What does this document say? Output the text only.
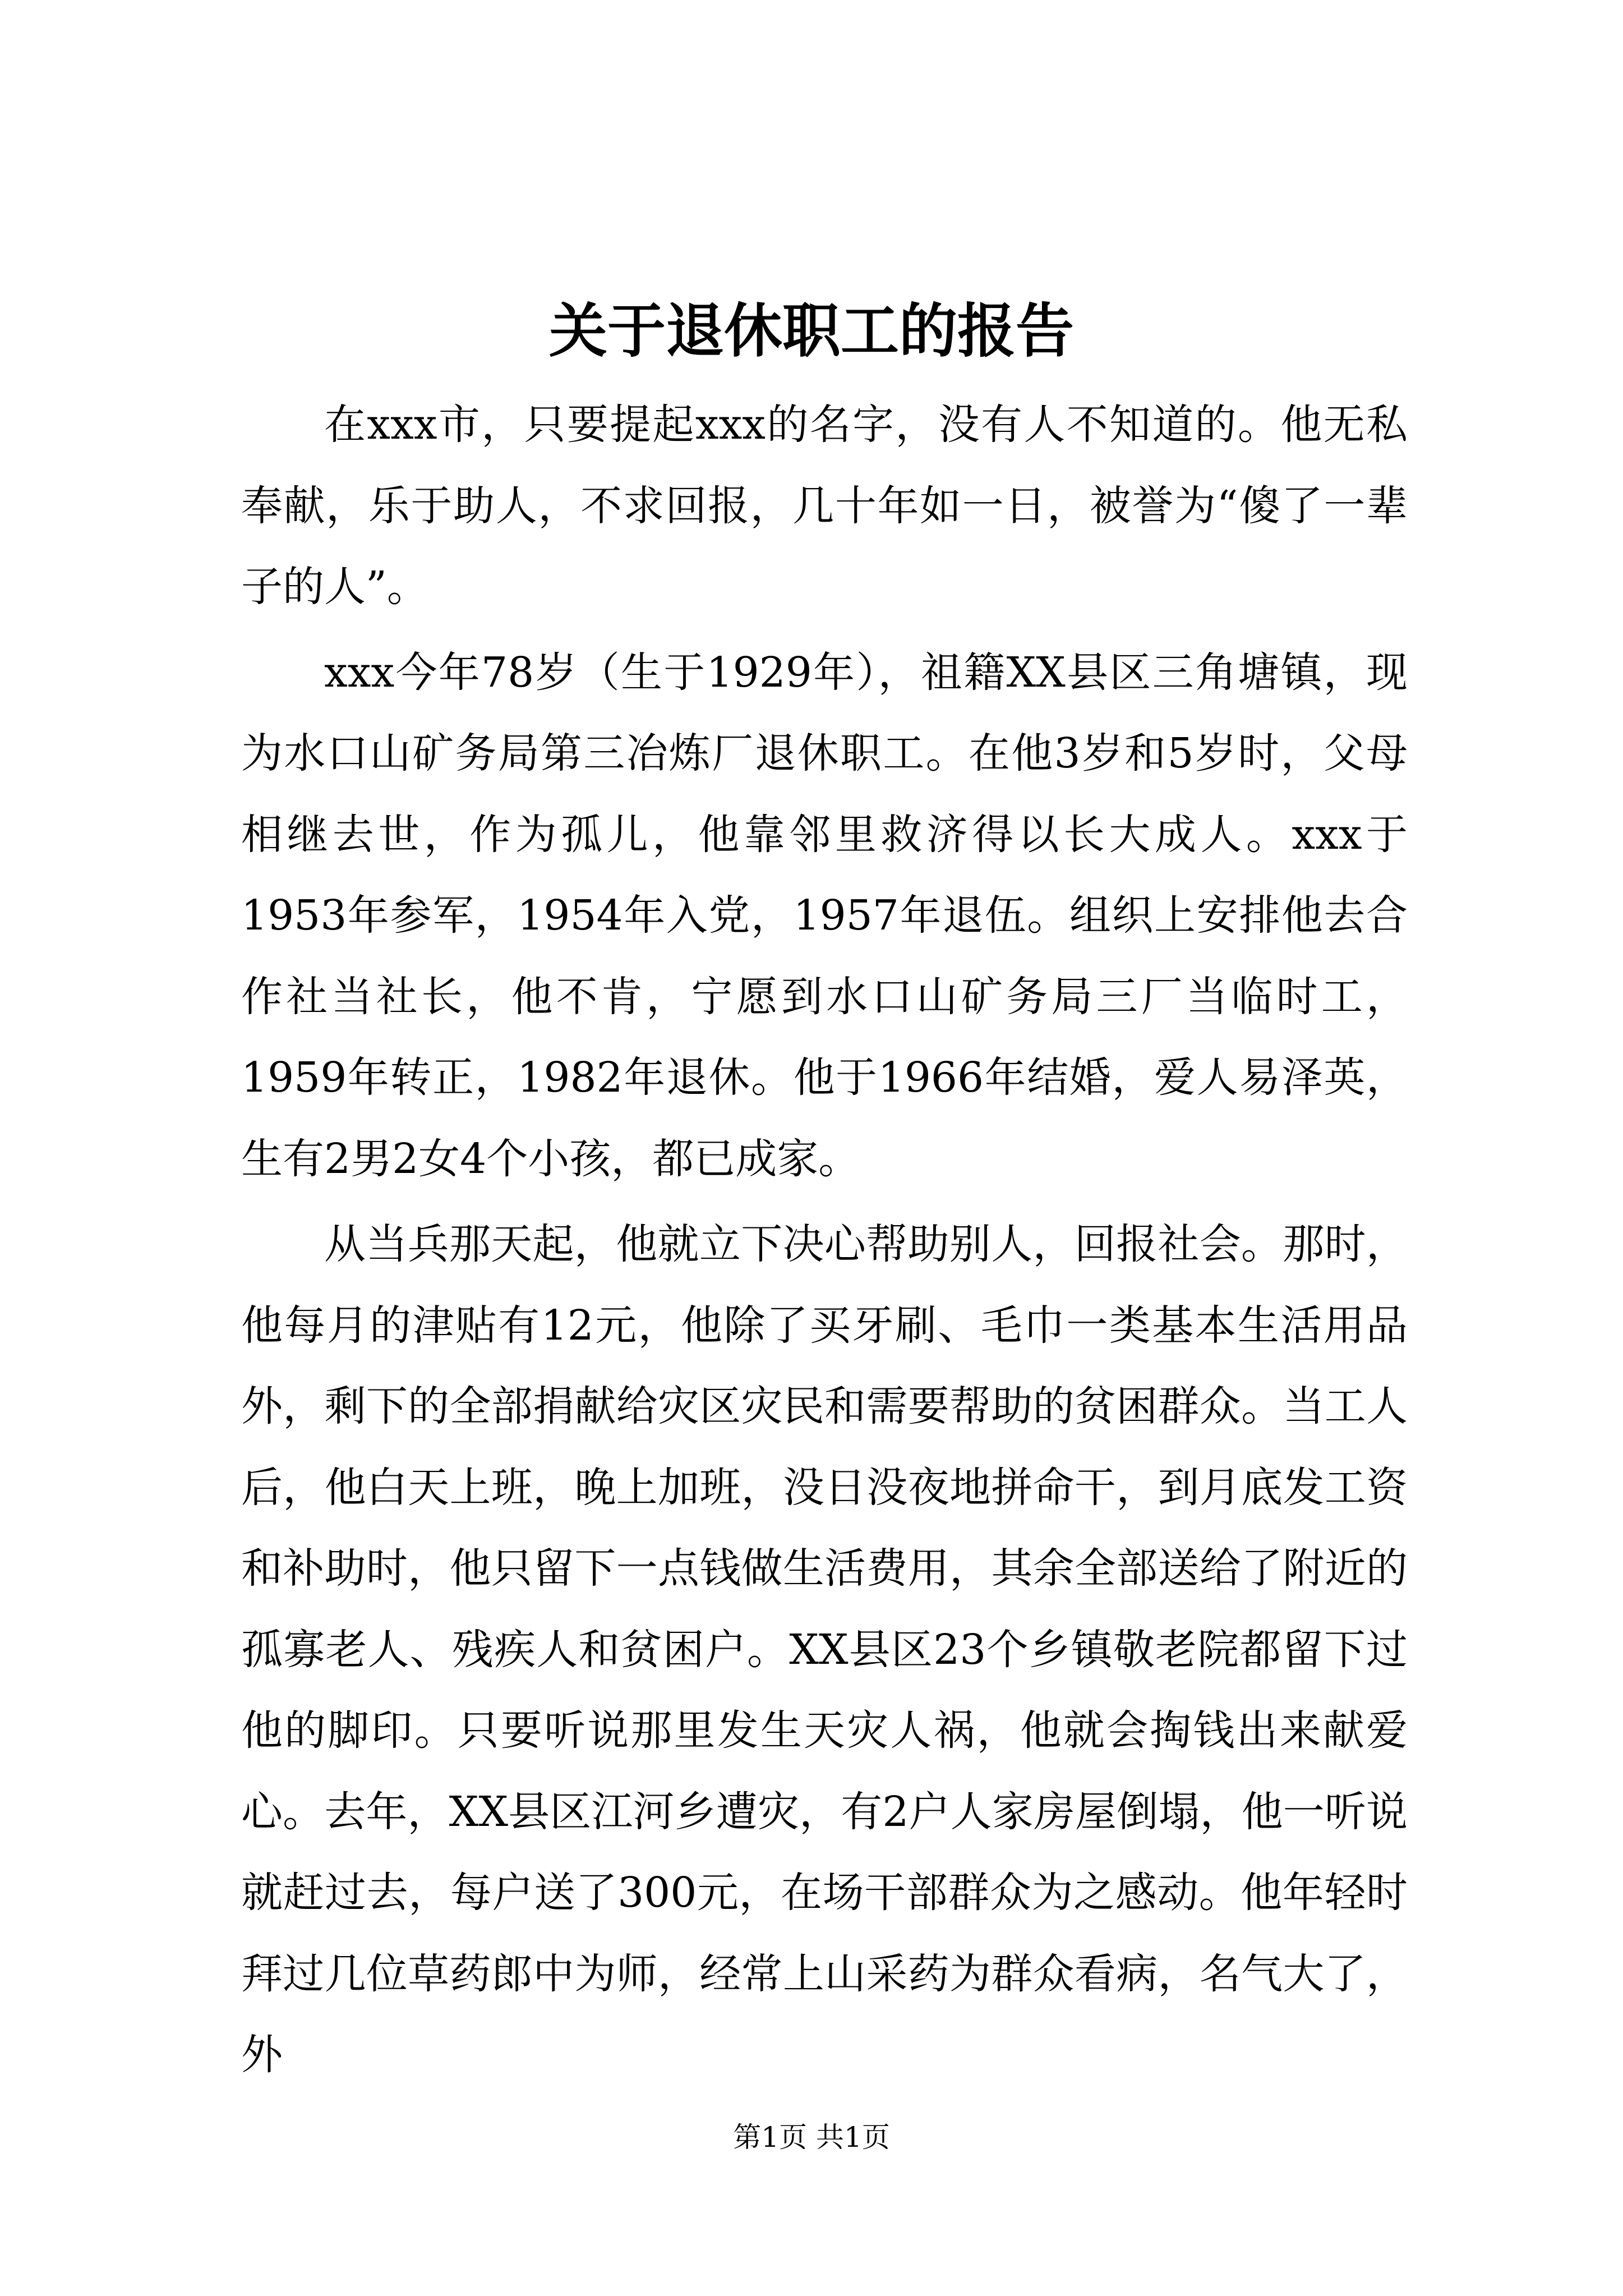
关于退休职工的报告

在xxx市，只要提起xxx的名字，没有人不知道的。他无私奉献，乐于助人，不求回报，几十年如一日，被誉为“傻了一辈子的人”。

xxx今年78岁（生于1929年），祖籍XX县区三角塘镇，现为水口山矿务局第三冶炼厂退休职工。在他3岁和5岁时，父母相继去世，作为孤儿，他靠邻里救济得以长大成人。xxx于1953年参军，1954年入党，1957年退伍。组织上安排他去合作社当社长，他不肯，宁愿到水口山矿务局三厂当临时工，1959年转正，1982年退休。他于1966年结婚，爱人易泽英，生有2男2女4个小孩，都已成家。

从当兵那天起，他就立下决心帮助别人，回报社会。那时，他每月的津贴有12元，他除了买牙刷、毛巾一类基本生活用品外，剩下的全部捐献给灾区灾民和需要帮助的贫困群众。当工人后，他白天上班，晚上加班，没日没夜地拼命干，到月底发工资和补助时，他只留下一点钱做生活费用，其余全部送给了附近的孤寡老人、残疾人和贫困户。XX县区23个乡镇敬老院都留下过他的脚印。只要听说那里发生天灾人祸，他就会掏钱出来献爱心。去年，XX县区江河乡遭灾，有2户人家房屋倒塌，他一听说就赶过去，每户送了300元，在场干部群众为之感动。他年轻时拜过几位草药郎中为师，经常上山采药为群众看病，名气大了，外

第1页 共1页
